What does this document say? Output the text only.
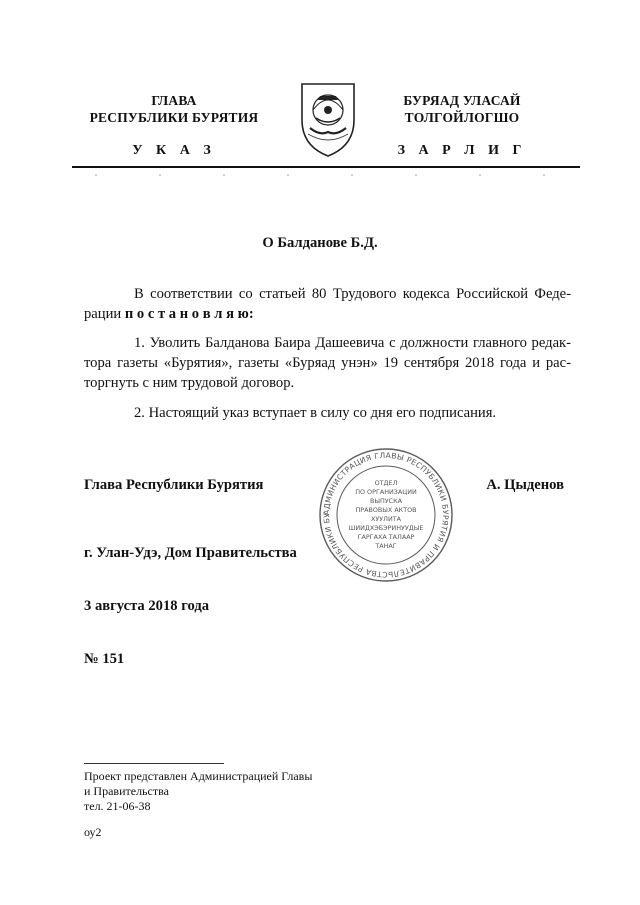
ГЛАВА
РЕСПУБЛИКИ БУРЯТИЯ
У К А З
БУРЯАД УЛАСАЙ
ТОЛГОЙЛОГШО
З А Р Л И Г
О Балданове Б.Д.
В соответствии со статьей 80 Трудового кодекса Российской Феде-
рации п о с т а н о в л я ю:
1. Уволить Балданова Баира Дашеевича с должности главного редак-
тора газеты «Бурятия», газеты «Буряад унэн» 19 сентября 2018 года и рас-
торгнуть с ним трудовой договор.
2. Настоящий указ вступает в силу со дня его подписания.
АДМИНИСТРАЦИЯ ГЛАВЫ РЕСПУБЛИКИ БУРЯТИЯ И ПРАВИТЕЛЬСТВА РЕСПУБЛИКИ БУ
ОТДЕЛ
ПО ОРГАНИЗАЦИИ
ВЫПУСКА
ПРАВОВЫХ АКТОВ
ХУУЛИТА
ШИИДХЭБЭРИНУУДЫЕ
ГАРГАХА ТАЛААР
ТАНАГ
Глава Республики Бурятия	А. Цыденов
г. Улан-Удэ, Дом Правительства
3 августа 2018 года
№ 151
Проект представлен Администрацией Главы
и Правительства
тел. 21-06-38
оу2
